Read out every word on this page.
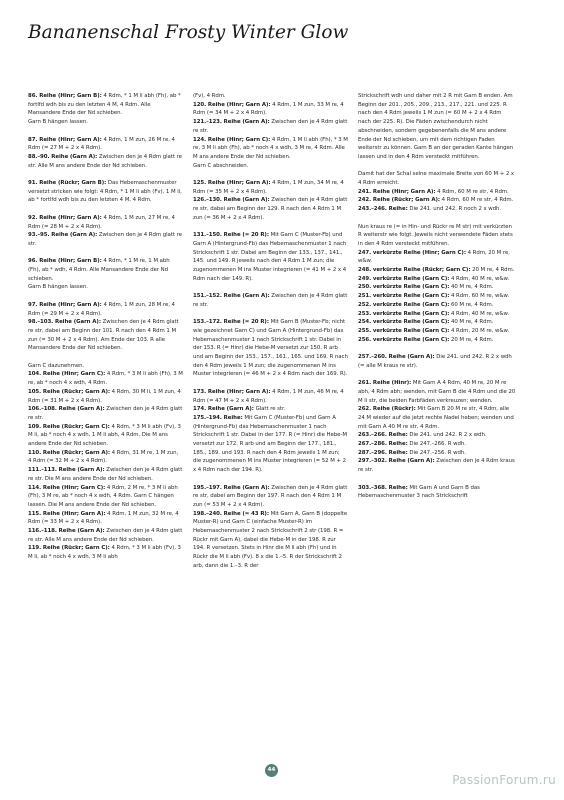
Bananenschal Frosty Winter Glow

86. Reihe (Hinr; Garn B): 4 Rdm, * 1 M li abh (Fh), ab * fortlfd wdh bis zu den letzten 4 M, 4 Rdm. Alle Mansandere Ende der Nd schieben.
Garn B hängen lassen.

87. Reihe (Hinr; Garn A): 4 Rdm, 1 M zun, 26 M re, 4 Rdm (= 27 M + 2 x 4 Rdm).

88.–90. Reihe (Garn A): Zwischen den je 4 Rdm glatt re str. Alle M ans andere Ende der Nd schieben.

91. Reihe (Rückr; Garn B): Das Hebemaschenmuster versetzt stricken wie folgt: 4 Rdm, * 1 M li abh (Fv), 1 M li, ab * fortlfd wdh bis zu den letzten 4 M, 4 Rdm.

92. Reihe (Hinr; Garn A): 4 Rdm, 1 M zun, 27 M re, 4 Rdm (= 28 M + 2 x 4 Rdm).

93.–95. Reihe (Garn A): Zwischen den je 4 Rdm glatt re str.

96. Reihe (Hinr; Garn B): 4 Rdm, * 1 M re, 1 M abh (Fh), ab * wdh, 4 Rdm. Alle Mansandere Ende der Nd schieben.
Garn B hängen lassen.

97. Reihe (Hinr; Garn A): 4 Rdm, 1 M zun, 28 M re, 4 Rdm (= 29 M + 2 x 4 Rdm).

98.–103. Reihe (Garn A): Zwischen den je 4 Rdm glatt re str, dabei am Beginn der 101. R nach den 4 Rdm 1 M zun (= 30 M + 2 x 4 Rdm). Am Ende der 103. R alle Mansandere Ende der Nd schieben.

Garn C dazunehmen.

104. Reihe (Hinr; Garn C): 4 Rdm, * 3 M li abh (Fh), 3 M re, ab * noch 4 x wdh, 4 Rdm.

105. Reihe (Rückr; Garn A): 4 Rdm, 30 M li, 1 M zun, 4 Rdm (= 31 M + 2 x 4 Rdm).

106.–108. Reihe (Garn A): Zwischen den je 4 Rdm glatt re str.

109. Reihe (Rückr; Garn C): 4 Rdm, * 3 M li abh (Fv), 3 M li, ab * noch 4 x wdh, 1 M li abh, 4 Rdm. Die M ans andere Ende der Nd schieben.

110. Reihe (Rückr; Garn A): 4 Rdm, 31 M re, 1 M zun, 4 Rdm (= 32 M + 2 x 4 Rdm).

111.–113. Reihe (Garn A): Zwischen den je 4 Rdm glatt re str. Die M ans andere Ende der Nd schieben.

114. Reihe (Hinr; Garn C): 4 Rdm, 2 M re, * 3 M li abh (Fh), 3 M re, ab * noch 4 x wdh, 4 Rdm. Garn C hängen lassen. Die M ans andere Ende der Nd schieben.

115. Reihe (Hinr; Garn A): 4 Rdm, 1 M zun, 32 M re, 4 Rdm (= 33 M + 2 x 4 Rdm).

116.–118. Reihe (Garn A): Zwischen den je 4 Rdm glatt re str. Alle M ans andere Ende der Nd schieben.

119. Reihe (Rückr; Garn C): 4 Rdm, * 3 M li abh (Fv), 3 M li, ab * noch 4 x wdh, 3 M li abh

(Fv), 4 Rdm.

120. Reihe (Hinr; Garn A): 4 Rdm, 1 M zun, 33 M re, 4 Rdm (= 34 M + 2 x 4 Rdm).

121.–123. Reihe (Garn A): Zwischen den je 4 Rdm glatt re str.

124. Reihe (Hinr; Garn C): 4 Rdm, 1 M li abh (Fh), * 3 M re, 3 M li abh (Fh), ab * noch 4 x wdh, 3 M re, 4 Rdm. Alle M ans andere Ende der Nd schieben.
Garn C abschneiden.

125. Reihe (Hinr; Garn A): 4 Rdm, 1 M zun, 34 M re, 4 Rdm (= 35 M + 2 x 4 Rdm).

126.–130. Reihe (Garn A): Zwischen den je 4 Rdm glatt re str, dabei am Beginn der 129. R nach den 4 Rdm 1 M zun (= 36 M + 2 x 4 Rdm).

131.–150. Reihe (= 20 R): Mit Garn C (Muster-Fb) und Garn A (Hintergrund-Fb) das Hebemaschenmuster 1 nach Strickschrift 1 str. Dabei am Beginn der 133., 137., 141., 145. und 149. R jeweils nach den 4 Rdm 1 M zun; die zugenommenen M ins Muster integrieren (= 41 M + 2 x 4 Rdm nach der 149. R).

151.–152. Reihe (Garn A): Zwischen den je 4 Rdm glatt re str.

153.–172. Reihe (= 20 R): Mit Garn B (Muster-Fb; nicht wie gezeichnet Garn C) und Garn A (Hintergrund-Fb) das Hebemaschenmuster 1 nach Strickschrift 1 str. Dabei in der 153. R (= Hinr) die Hebe-M versetzt zur 150. R arb und am Beginn der 153., 157., 161., 165. und 169. R nach den 4 Rdm jeweils 1 M zun; die zugenommenen M ins Muster integrieren (= 46 M + 2 x 4 Rdm nach der 169. R).

173. Reihe (Hinr; Garn A): 4 Rdm, 1 M zun, 46 M re, 4 Rdm (= 47 M + 2 x 4 Rdm).

174. Reihe (Garn A): Glatt re str.

175.–194. Reihe: Mit Garn C (Muster-Fb) und Garn A (Hintergrund-Fb) das Hebemaschenmuster 1 nach Strickschrift 1 str. Dabei in der 177. R (= Hinr) die Hebe-M versetzt zur 172. R arb und am Beginn der 177., 181., 185., 189. und 193. R nach den 4 Rdm jeweils 1 M zun; die zugenommenen M ins Muster integrieren (= 52 M + 2 x 4 Rdm nach der 194. R).

195.–197. Reihe (Garn A): Zwischen den je 4 Rdm glatt re str, dabei am Beginn der 197. R nach den 4 Rdm 1 M zun (= 53 M + 2 x 4 Rdm).

198.–240. Reihe (= 43 R): Mit Garn A, Garn B (doppelte Muster-R) und Garn C (einfache Muster-R) im Hebemaschenmuster 2 nach Strickschrift 2 str (198. R = Rückr mit Garn A), dabei die Hebe-M in der 198. R zur 194. R versetzen. Stets in Hinr die M li abh (Fh) und in Rückr die M li abh (Fv). 8 x die 1.–5. R der Strickschrift 2 arb, dann die 1.–3. R der

Strickschrift wdh und daher mit 2 R mit Garn B enden. Am Beginn der 201., 205., 209., 213., 217., 221. und 225. R nach den 4 Rdm jeweils 1 M zun (= 60 M + 2 x 4 Rdm nach der 225. R). Die Fäden zwischendurch nicht abschneiden, sondern gegebenenfalls die M ans andere Ende der Nd schieben, um mit dem richtigen Faden weiterstr zu können. Garn B an der geraden Kante hängen lassen und in den 4 Rdm versteckt mitführen.

Damit hat der Schal seine maximale Breite von 60 M + 2 x 4 Rdm erreicht.

241. Reihe (Hinr; Garn A): 4 Rdm, 60 M re str, 4 Rdm.

242. Reihe (Rückr; Garn A): 4 Rdm, 60 M re str, 4 Rdm.

243.–246. Reihe: Die 241. und 242. R noch 2 x wdh.

Nun kraus re (= in Hin- und Rückr re M str) mit verkürzten R weiterstr wie folgt. Jeweils nicht verwendete Fäden stets in den 4 Rdm versteckt mitführen.

247. verkürzte Reihe (Hinr; Garn C): 4 Rdm, 20 M re, w&w.

248. verkürzte Reihe (Rückr; Garn C): 20 M re, 4 Rdm.

249. verkürzte Reihe (Garn C): 4 Rdm, 40 M re, w&w.

250. verkürzte Reihe (Garn C): 40 M re, 4 Rdm.

251. verkürzte Reihe (Garn C): 4 Rdm, 60 M re, w&w.

252. verkürzte Reihe (Garn C): 60 M re, 4 Rdm.

253. verkürzte Reihe (Garn C): 4 Rdm, 40 M re, w&w.

254. verkürzte Reihe (Garn C): 40 M re, 4 Rdm.

255. verkürzte Reihe (Garn C): 4 Rdm, 20 M re, w&w.

256. verkürzte Reihe (Garn C): 20 M re, 4 Rdm.

257.–260. Reihe (Garn A): Die 241. und 242. R 2 x wdh (= alle M kraus re str).

261. Reihe (Hinr): Mit Garn A 4 Rdm, 40 M re, 20 M re abh, 4 Rdm abh; wenden, mit Garn B die 4 Rdm und die 20 M li str, die beiden Farbfäden verkreuzen; wenden.

262. Reihe (Rückr): Mit Garn B 20 M re str, 4 Rdm, alle 24 M wieder auf die jetzt rechte Nadel heben; wenden und mit Garn A 40 M re str, 4 Rdm.

263.–266. Reihe: Die 241. und 242. R 2 x wdh.

267.–286. Reihe: Die 247.–266. R wdh.

287.–296. Reihe: Die 247.–256. R wdh.

297.–302. Reihe (Garn A): Zwischen den je 4 Rdm kraus re str.

303.–368. Reihe: Mit Garn A und Garn B das Hebemaschenmuster 3 nach Strickschrift

44
PassionForum.ru
